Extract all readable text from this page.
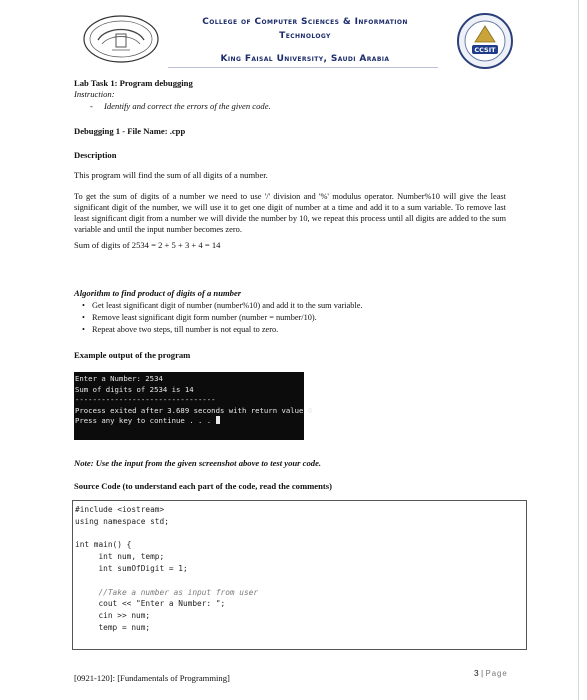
College of Computer Sciences & Information
Technology
King Faisal University, Saudi Arabia
CCSIT
Lab Task 1: Program debugging
Instruction:
- Identify and correct the errors of the given code.
Debugging 1 - File Name: .cpp
Description
This program will find the sum of all digits of a number.
To get the sum of digits of a number we need to use '/' division and '%' modulus operator. Number%10 will give the least significant digit of the number, we will use it to get one digit of number at a time and add it to a sum variable. To remove last least significant digit from a number we will divide the number by 10, we repeat this process until all digits are added to the sum variable and until the input number becomes zero.
Sum of digits of 2534 = 2 + 5 + 3 + 4 = 14
Algorithm to find product of digits of a number
• Get least significant digit of number (number%10) and add it to the sum variable.
• Remove least significant digit form number (number = number/10).
• Repeat above two steps, till number is not equal to zero.
Example output of the program
Enter a Number: 2534
Sum of digits of 2534 is 14
--------------------------------
Process exited after 3.689 seconds with return value 0
Press any key to continue . . .
Note: Use the input from the given screenshot above to test your code.
Source Code (to understand each part of the code, read the comments)
#include <iostream>
using namespace std;
int main() {
int num, temp;
int sumOfDigit = 1;
//Take a number as input from user
cout << "Enter a Number: ";
cin >> num;
temp = num;
[0921-120]: [Fundamentals of Programming]	3 | Page
